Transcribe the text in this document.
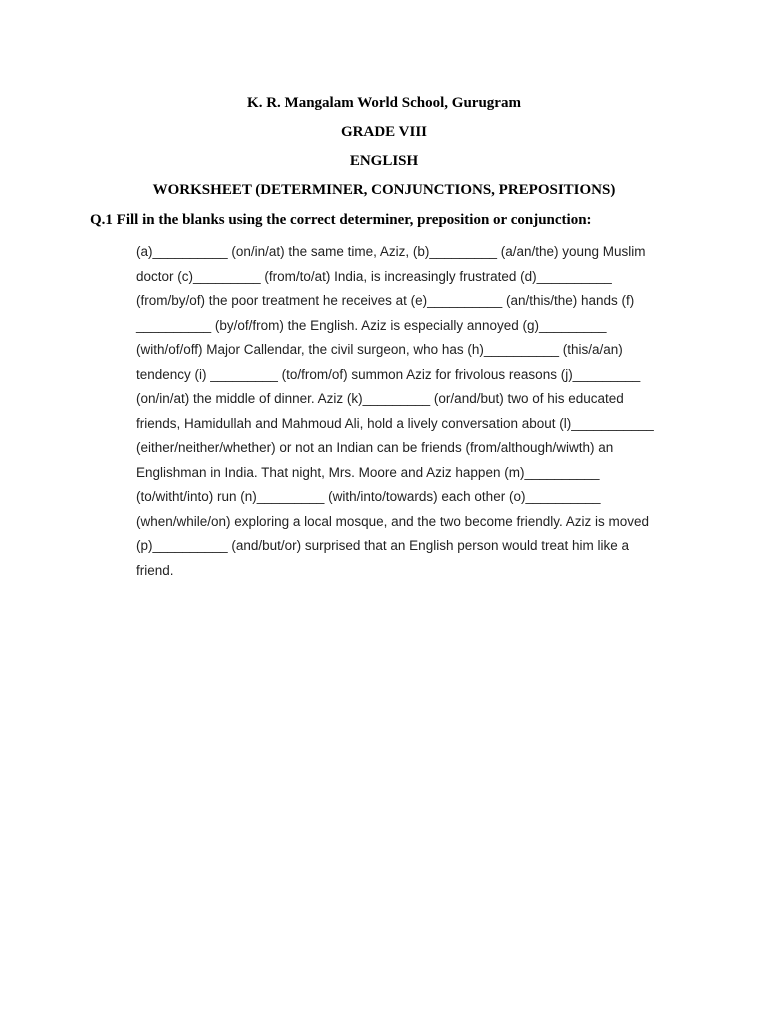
K. R. Mangalam World School, Gurugram

GRADE VIII

ENGLISH

WORKSHEET (DETERMINER, CONJUNCTIONS, PREPOSITIONS)

Q.1 Fill in the blanks using the correct determiner, preposition or conjunction:

(a)__________ (on/in/at) the same time, Aziz, (b)_________ (a/an/the) young Muslim
doctor (c)_________ (from/to/at) India, is increasingly frustrated (d)__________
(from/by/of) the poor treatment he receives at (e)__________ (an/this/the) hands (f)
__________ (by/of/from) the English. Aziz is especially annoyed (g)_________
(with/of/off) Major Callendar, the civil surgeon, who has (h)__________ (this/a/an)
tendency (i) _________ (to/from/of) summon Aziz for frivolous reasons (j)_________
(on/in/at) the middle of dinner. Aziz (k)_________ (or/and/but) two of his educated
friends, Hamidullah and Mahmoud Ali, hold a lively conversation about (l)___________
(either/neither/whether) or not an Indian can be friends (from/although/wiwth) an
Englishman in India. That night, Mrs. Moore and Aziz happen (m)__________
(to/witht/into) run (n)_________ (with/into/towards) each other (o)__________
(when/while/on) exploring a local mosque, and the two become friendly. Aziz is moved
(p)__________ (and/but/or) surprised that an English person would treat him like a
friend.
